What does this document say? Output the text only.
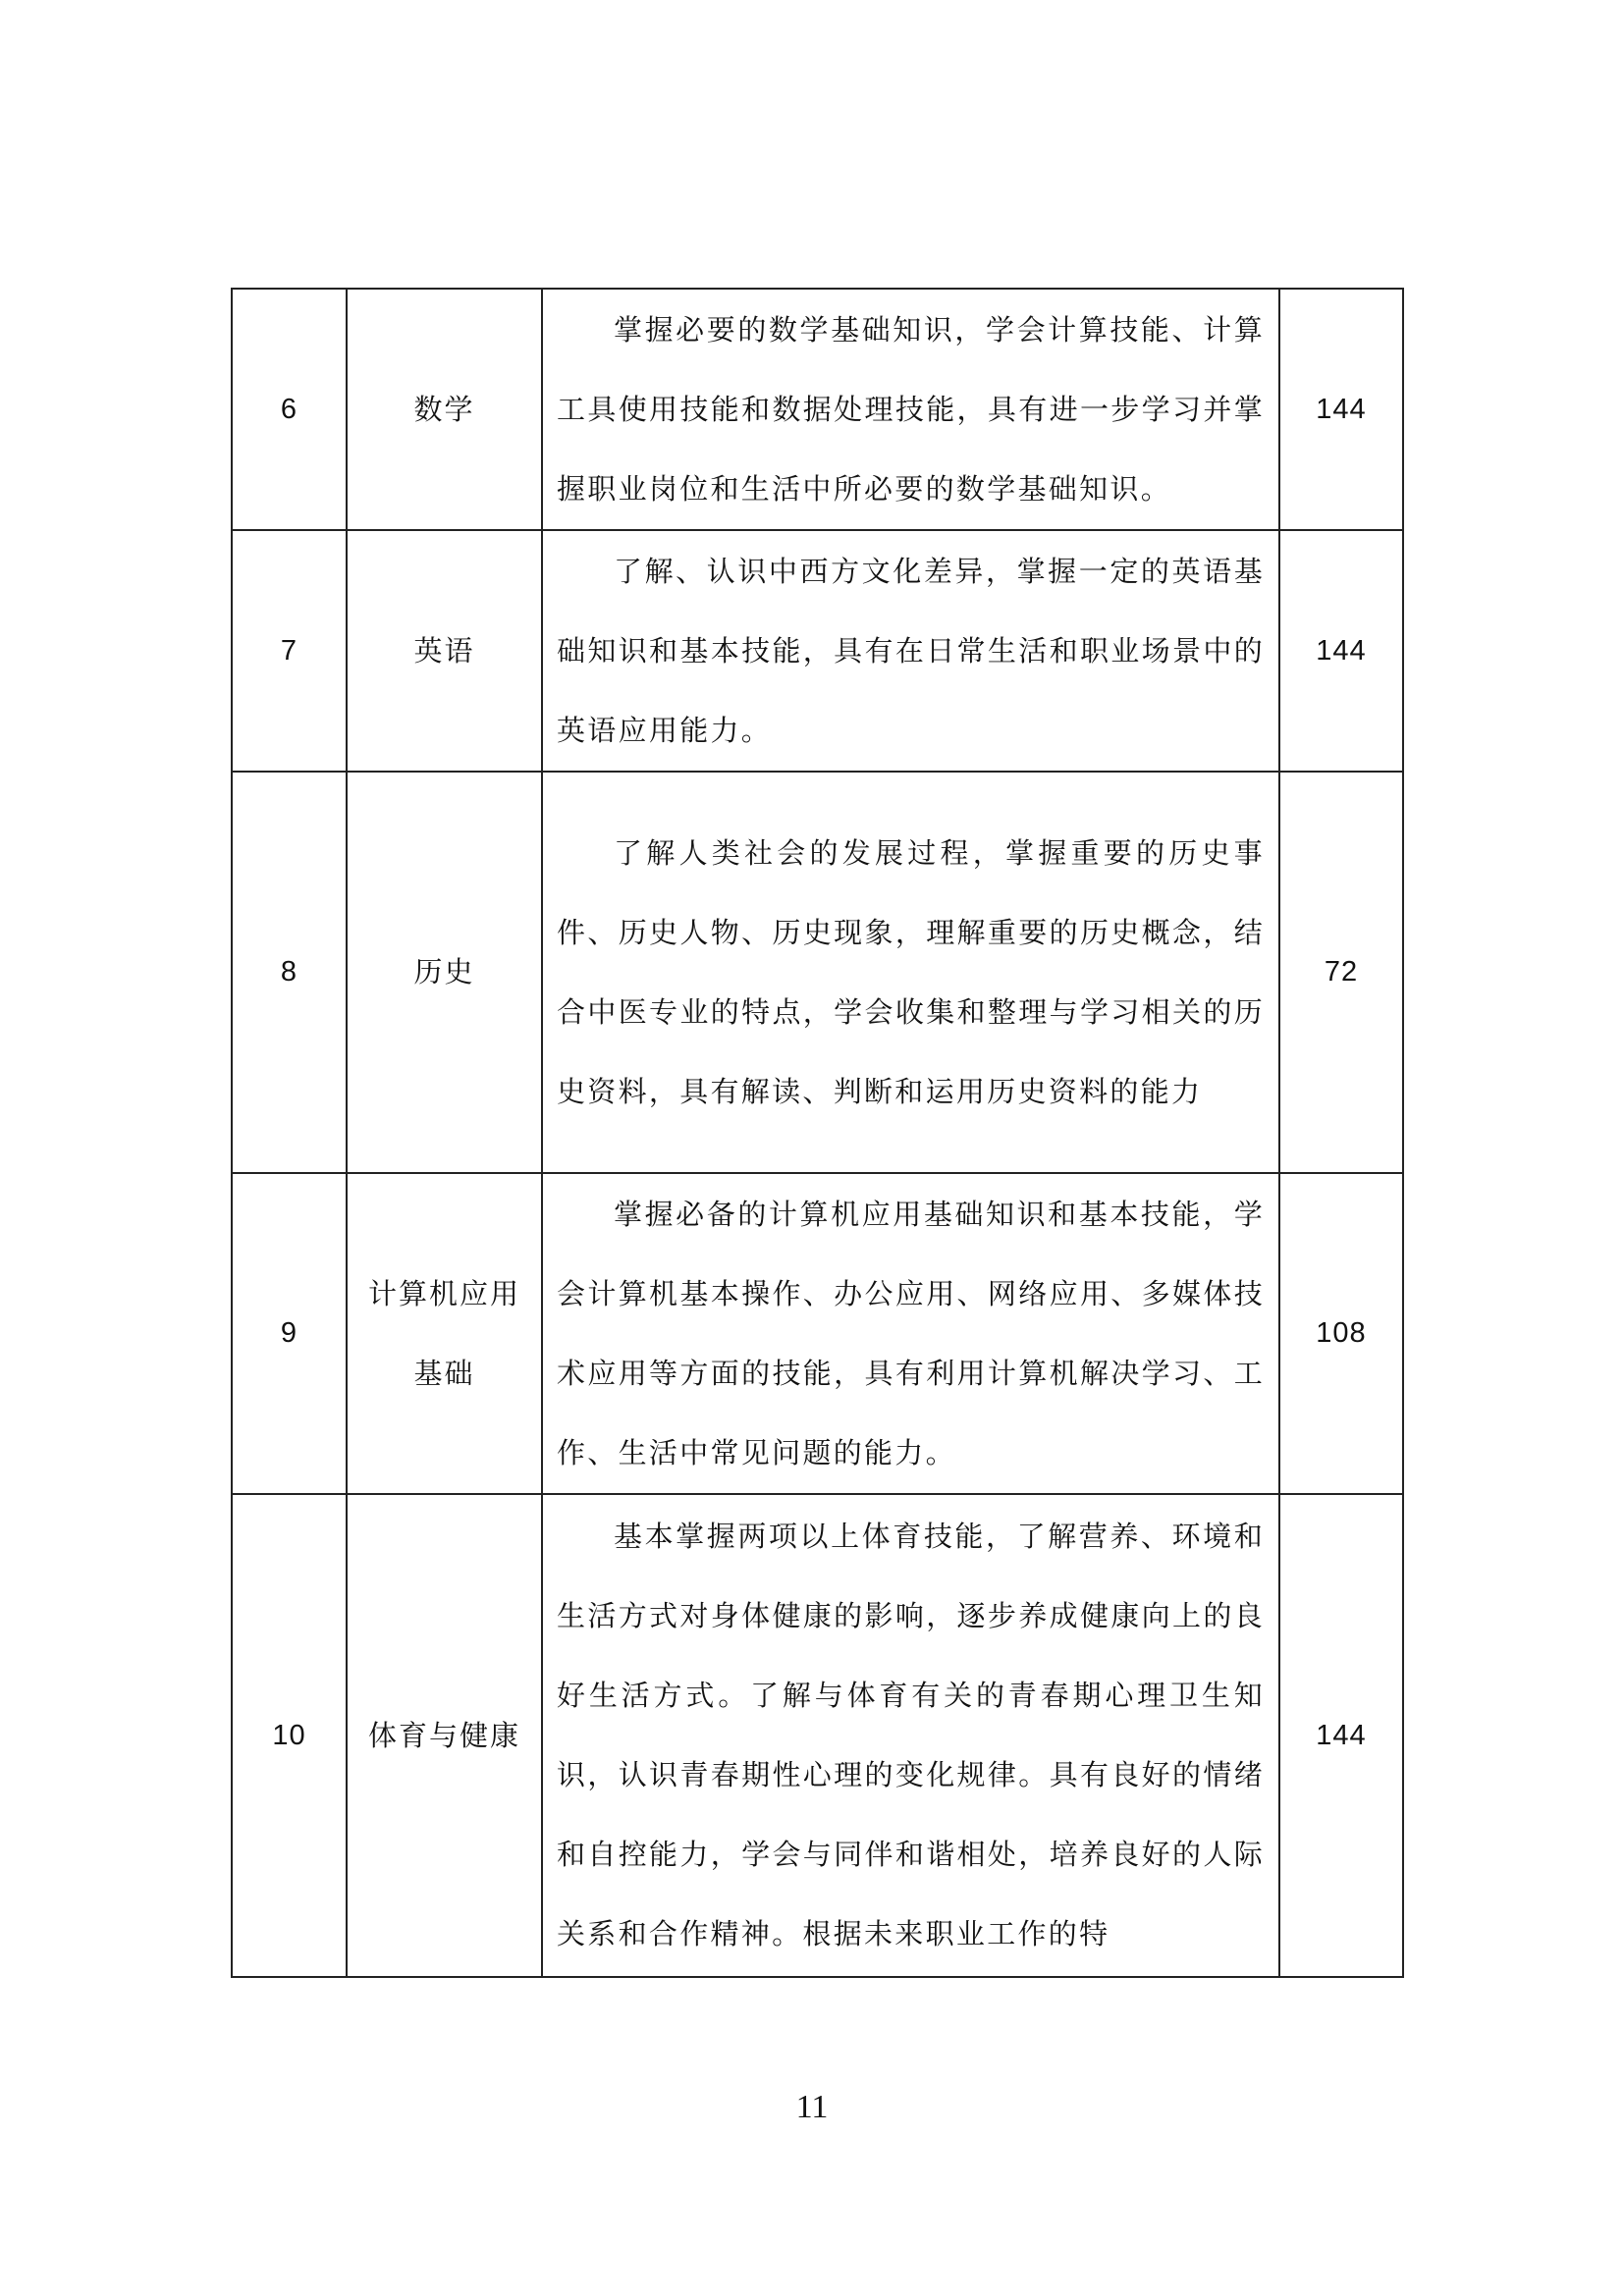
6	数学	掌握必要的数学基础知识，学会计算技能、计算工具使用技能和数据处理技能，具有进一步学习并掌握职业岗位和生活中所必要的数学基础知识。	144
7	英语	了解、认识中西方文化差异，掌握一定的英语基础知识和基本技能，具有在日常生活和职业场景中的英语应用能力。	144
8	历史	了解人类社会的发展过程，掌握重要的历史事件、历史人物、历史现象，理解重要的历史概念，结合中医专业的特点，学会收集和整理与学习相关的历史资料，具有解读、判断和运用历史资料的能力	72
9	计算机应用基础	掌握必备的计算机应用基础知识和基本技能，学会计算机基本操作、办公应用、网络应用、多媒体技术应用等方面的技能，具有利用计算机解决学习、工作、生活中常见问题的能力。	108
10	体育与健康	基本掌握两项以上体育技能，了解营养、环境和生活方式对身体健康的影响，逐步养成健康向上的良好生活方式。了解与体育有关的青春期心理卫生知识，认识青春期性心理的变化规律。具有良好的情绪和自控能力，学会与同伴和谐相处，培养良好的人际关系和合作精神。根据未来职业工作的特	144
11
